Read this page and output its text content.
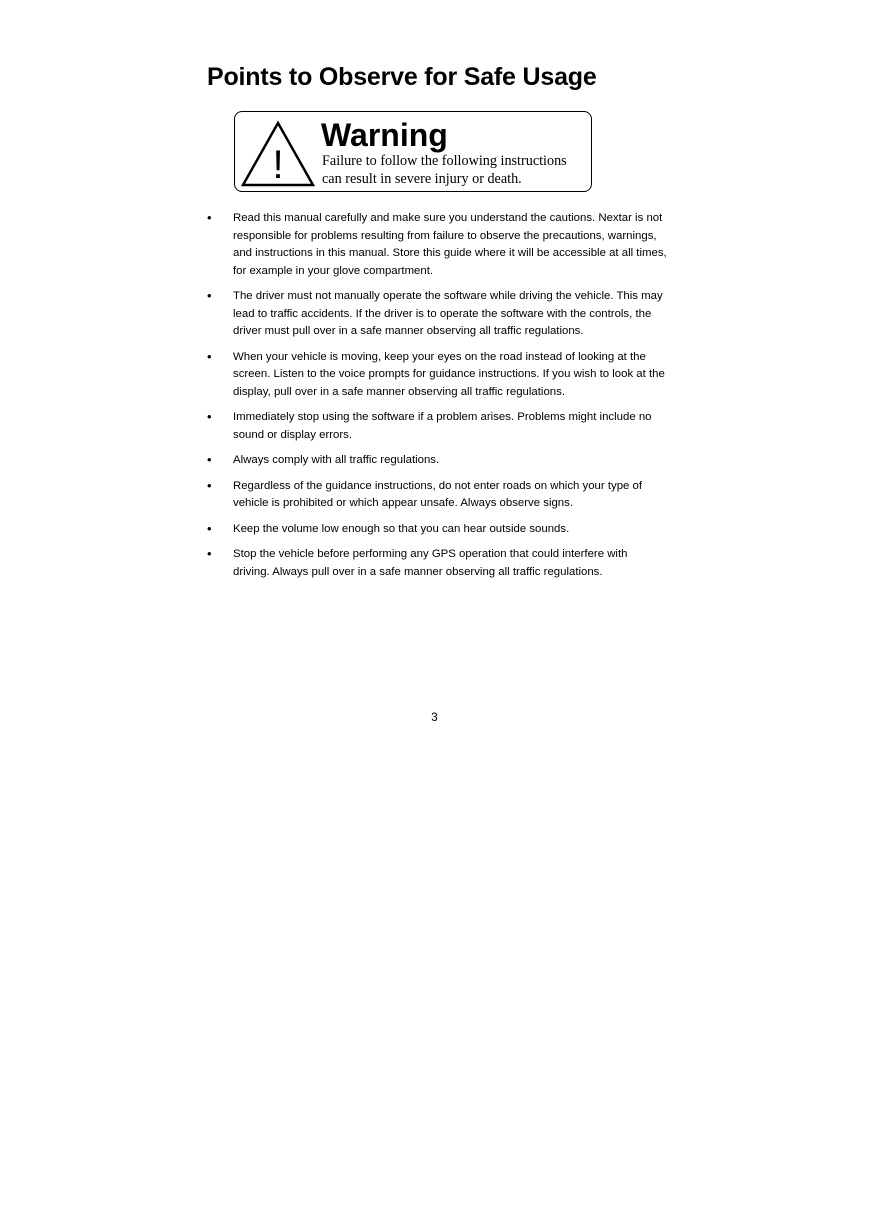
Points to Observe for Safe Usage
!
Warning
Failure to follow the following instructions
can result in severe injury or death.
• Read this manual carefully and make sure you understand the cautions. Nextar is not responsible for problems resulting from failure to observe the precautions, warnings, and instructions in this manual. Store this guide where it will be accessible at all times, for example in your glove compartment.
• The driver must not manually operate the software while driving the vehicle. This may lead to traffic accidents. If the driver is to operate the software with the controls, the driver must pull over in a safe manner observing all traffic regulations.
• When your vehicle is moving, keep your eyes on the road instead of looking at the screen. Listen to the voice prompts for guidance instructions. If you wish to look at the display, pull over in a safe manner observing all traffic regulations.
• Immediately stop using the software if a problem arises. Problems might include no sound or display errors.
• Always comply with all traffic regulations.
• Regardless of the guidance instructions, do not enter roads on which your type of vehicle is prohibited or which appear unsafe. Always observe signs.
• Keep the volume low enough so that you can hear outside sounds.
• Stop the vehicle before performing any GPS operation that could interfere with driving. Always pull over in a safe manner observing all traffic regulations.
3
